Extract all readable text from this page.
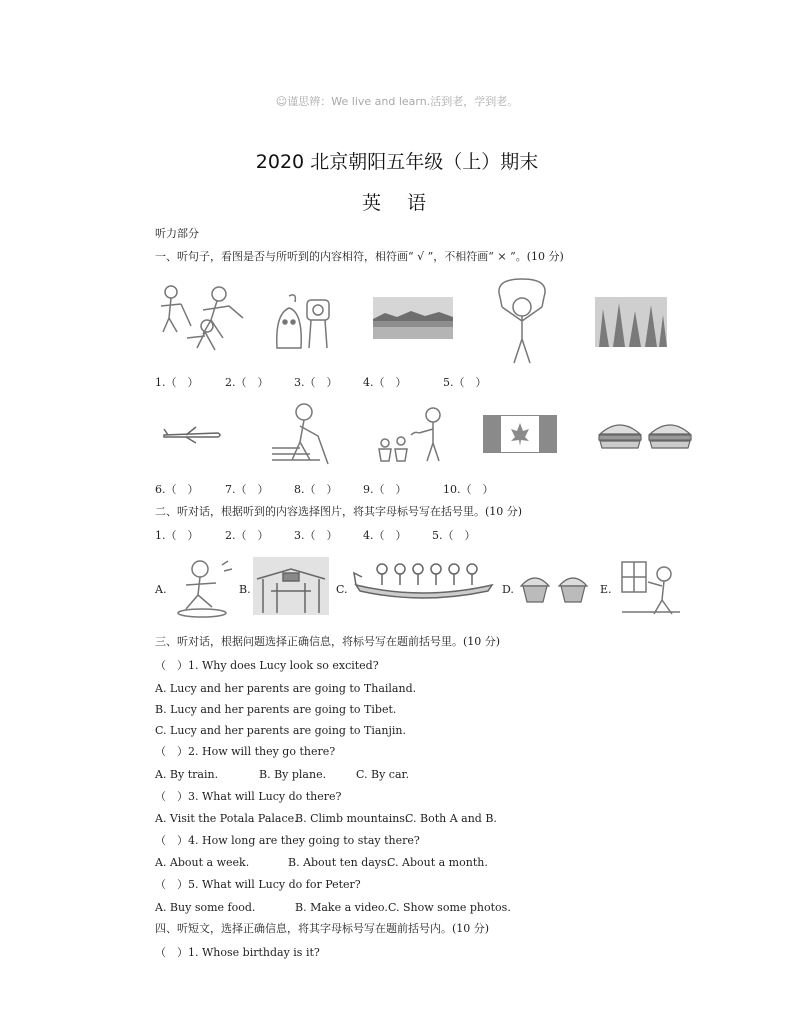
☺谨思辨：We live and learn.活到老，学到老。
2020 北京朝阳五年级（上）期末
英语
听力部分
一、听句子，看图是否与所听到的内容相符，相符画“ √ ”，不相符画“ × ”。(10 分)
1.（　） 2.（　） 3.（　） 4.（　）	5.（　）
6.（　） 7.（　） 8.（　） 9.（　）	10.（　）
二、听对话，根据听到的内容选择图片，将其字母标号写在括号里。(10 分)
1.（　） 2.（　） 3.（　） 4.（　） 5.（　）
A.	B.	C.	D.	E.
三、听对话，根据问题选择正确信息，将标号写在题前括号里。(10 分)
（　）1. Why does Lucy look so excited?
A. Lucy and her parents are going to Thailand.
B. Lucy and her parents are going to Tibet.
C. Lucy and her parents are going to Tianjin.
（　）2. How will they go there?
A. By train.	B. By plane.	C. By car.
（　）3. What will Lucy do there?
A. Visit the Potala Palace.
B. Climb mountains.
C. Both A and B.
（　）4. How long are they going to stay there?
A. About a week.	B. About ten days.
C. About a month.
（　）5. What will Lucy do for Peter?
A. Buy some food.	B. Make a video. C. Show some photos.
四、听短文，选择正确信息，将其字母标号写在题前括号内。(10 分)
（　）1. Whose birthday is it?
